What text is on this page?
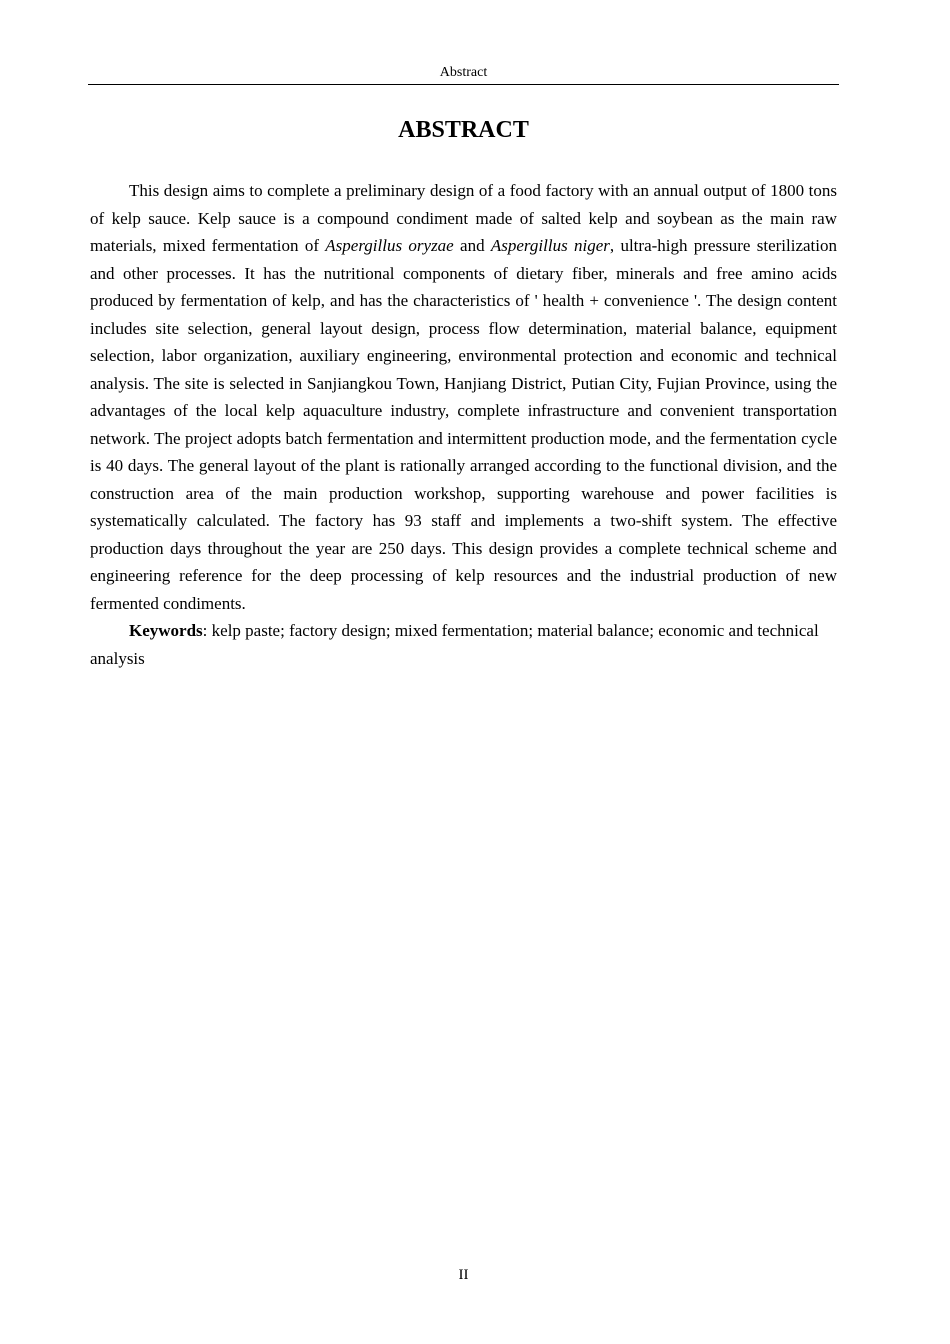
Abstract
ABSTRACT

This design aims to complete a preliminary design of a food factory with an annual output of 1800 tons of kelp sauce. Kelp sauce is a compound condiment made of salted kelp and soybean as the main raw materials, mixed fermentation of Aspergillus oryzae and Aspergillus niger, ultra-high pressure sterilization and other processes. It has the nutritional components of dietary fiber, minerals and free amino acids produced by fermentation of kelp, and has the characteristics of ' health + convenience '. The design content includes site selection, general layout design, process flow determination, material balance, equipment selection, labor organization, auxiliary engineering, environmental protection and economic and technical analysis. The site is selected in Sanjiangkou Town, Hanjiang District, Putian City, Fujian Province, using the advantages of the local kelp aquaculture industry, complete infrastructure and convenient transportation network. The project adopts batch fermentation and intermittent production mode, and the fermentation cycle is 40 days. The general layout of the plant is rationally arranged according to the functional division, and the construction area of the main production workshop, supporting warehouse and power facilities is systematically calculated. The factory has 93 staff and implements a two-shift system. The effective production days throughout the year are 250 days. This design provides a complete technical scheme and engineering reference for the deep processing of kelp resources and the industrial production of new fermented condiments.

Keywords: kelp paste; factory design; mixed fermentation; material balance; economic and technical analysis

II
